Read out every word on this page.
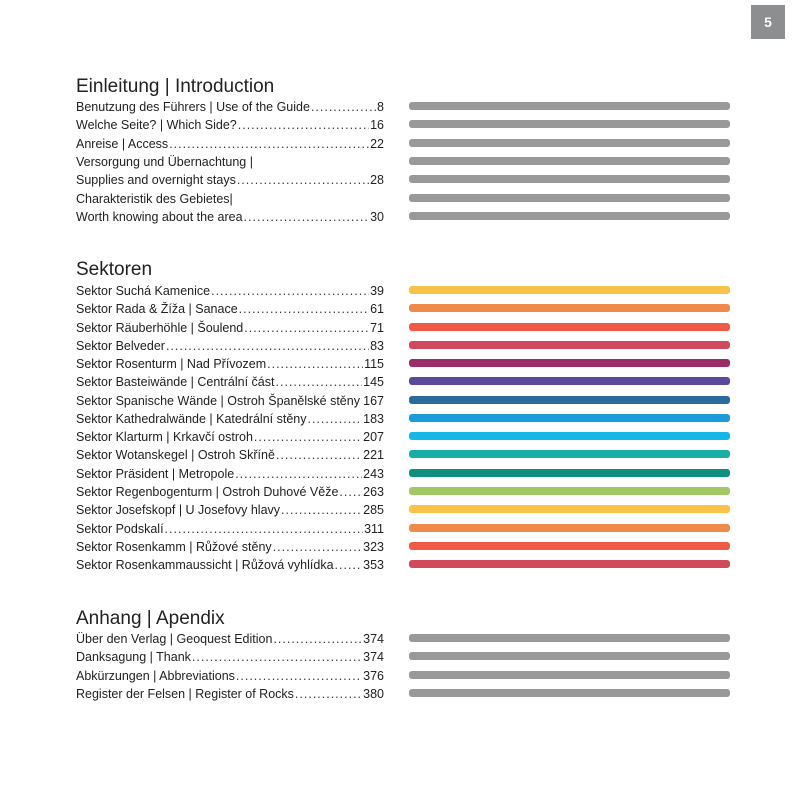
5
Einleitung | Introduction
Benutzung des Führers | Use of the Guide .....	8
Welche Seite? | Which Side? .....	16
Anreise | Access .....	22
Versorgung und Übernachtung |
Supplies and overnight stays .....	28
Charakteristik des Gebietes|
Worth knowing about the area .....	30
Sektoren
Sektor Suchá Kamenice .....	39
Sektor Rada & Žíža | Sanace .....	61
Sektor Räuberhöhle | Šoulend .....	71
Sektor Belveder .....	83
Sektor Rosenturm | Nad Přívozem .....	115
Sektor Basteiwände | Centrální část .....	145
Sektor Spanische Wände | Ostroh Španělské stěny ..... 167
Sektor Kathedralwände | Katedrální stěny .....	183
Sektor Klarturm | Krkavčí ostroh .....	207
Sektor Wotanskegel | Ostroh Skříně .....	221
Sektor Präsident | Metropole .....	243
Sektor Regenbogenturm | Ostroh Duhové Věže ..... 263
Sektor Josefskopf | U Josefovy hlavy .....	285
Sektor Podskalí .....	311
Sektor Rosenkamm | Růžové stěny .....	323
Sektor Rosenkammaussicht | Růžová vyhlídka ..... 353
Anhang | Apendix
Über den Verlag | Geoquest Edition .....	374
Danksagung | Thank .....	374
Abkürzungen | Abbreviations .....	376
Register der Felsen | Register of Rocks .....	380
